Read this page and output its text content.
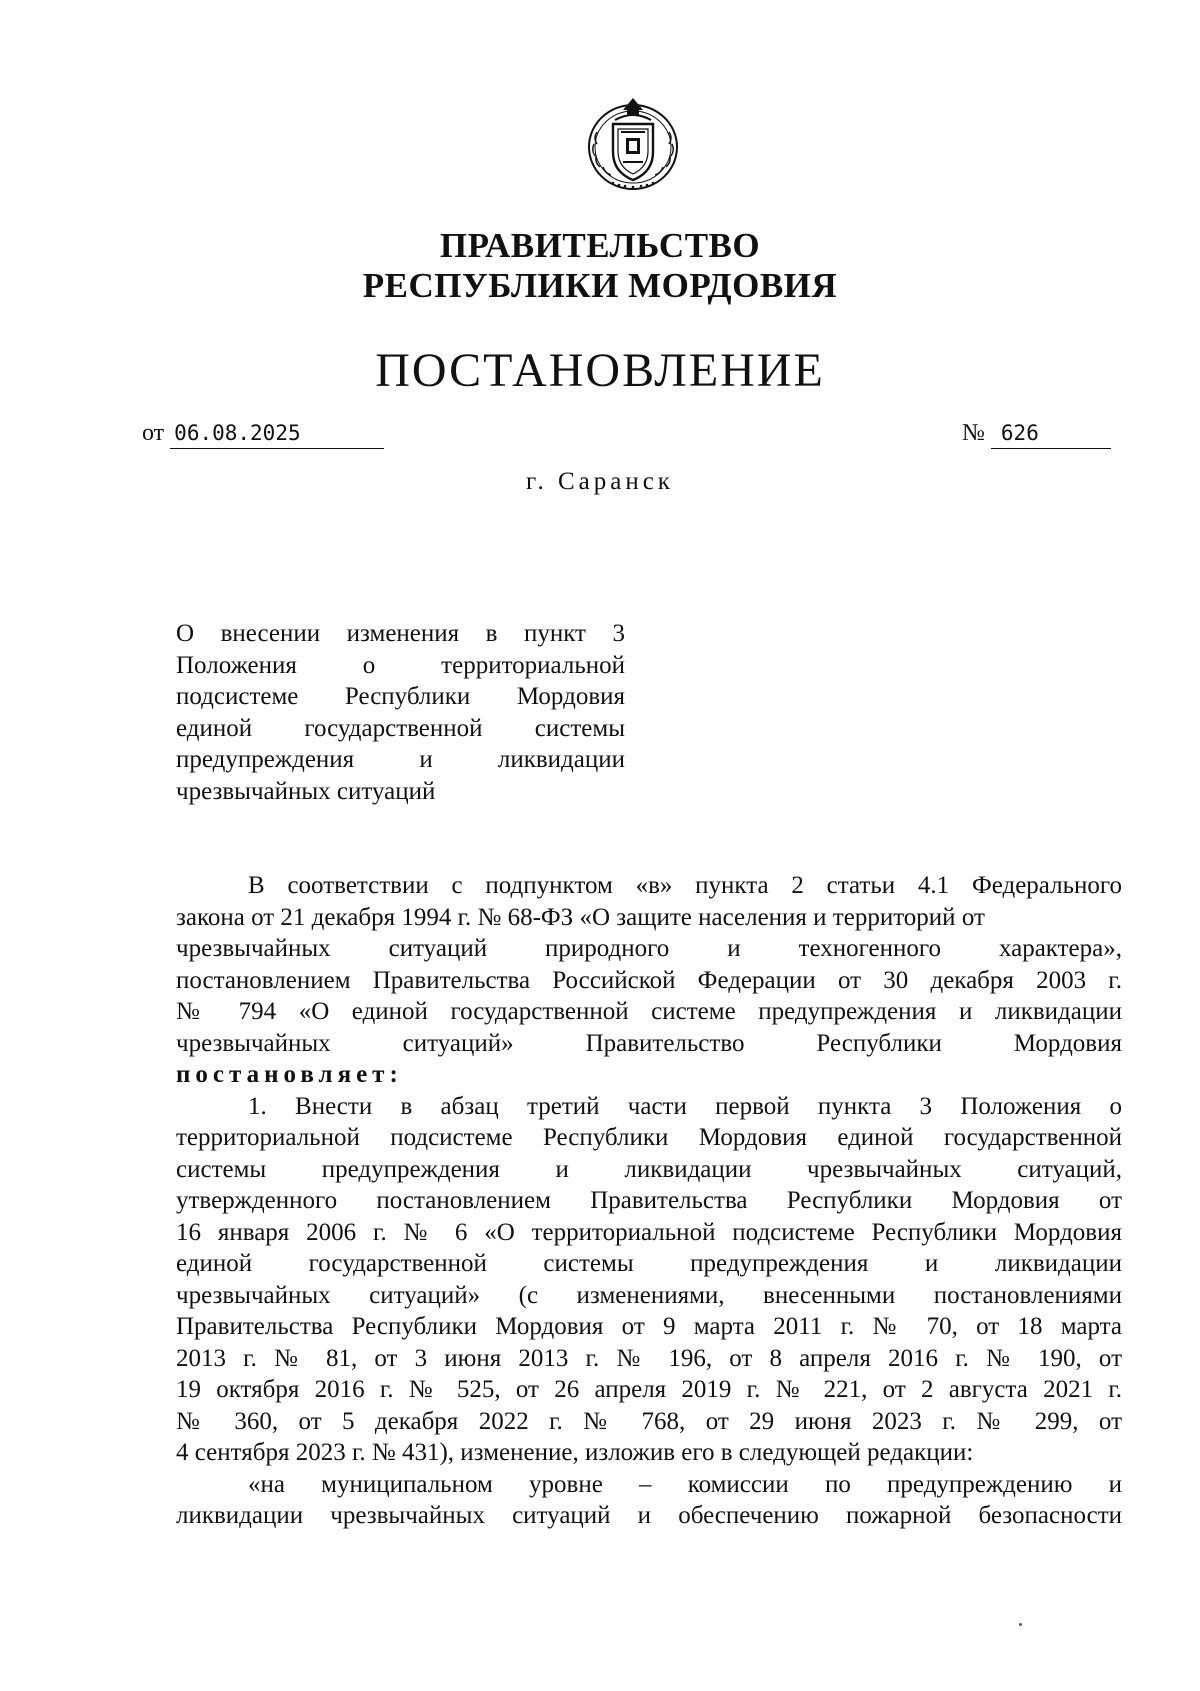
ПРАВИТЕЛЬСТВО
РЕСПУБЛИКИ МОРДОВИЯ
ПОСТАНОВЛЕНИЕ
от 06.08.2025	№ 626
г. Саранск
О внесении изменения в пункт 3
Положения о территориальной
подсистеме Республики Мордовия
единой государственной системы
предупреждения и ликвидации
чрезвычайных ситуаций
В соответствии с подпунктом «в» пункта 2 статьи 4.1 Федерального
закона от 21 декабря 1994 г. № 68-ФЗ «О защите населения и территорий от
чрезвычайных ситуаций природного и техногенного характера»,
постановлением Правительства Российской Федерации от 30 декабря 2003 г.
№ 794 «О единой государственной системе предупреждения и ликвидации
чрезвычайных ситуаций» Правительство Республики Мордовия
постановляет:
1. Внести в абзац третий части первой пункта 3 Положения о
территориальной подсистеме Республики Мордовия единой государственной
системы предупреждения и ликвидации чрезвычайных ситуаций,
утвержденного постановлением Правительства Республики Мордовия от
16 января 2006 г. № 6 «О территориальной подсистеме Республики Мордовия
единой государственной системы предупреждения и ликвидации
чрезвычайных ситуаций» (с изменениями, внесенными постановлениями
Правительства Республики Мордовия от 9 марта 2011 г. № 70, от 18 марта
2013 г. № 81, от 3 июня 2013 г. № 196, от 8 апреля 2016 г. № 190, от
19 октября 2016 г. № 525, от 26 апреля 2019 г. № 221, от 2 августа 2021 г.
№ 360, от 5 декабря 2022 г. № 768, от 29 июня 2023 г. № 299, от
4 сентября 2023 г. № 431), изменение, изложив его в следующей редакции:
«на муниципальном уровне – комиссии по предупреждению и
ликвидации чрезвычайных ситуаций и обеспечению пожарной безопасности
